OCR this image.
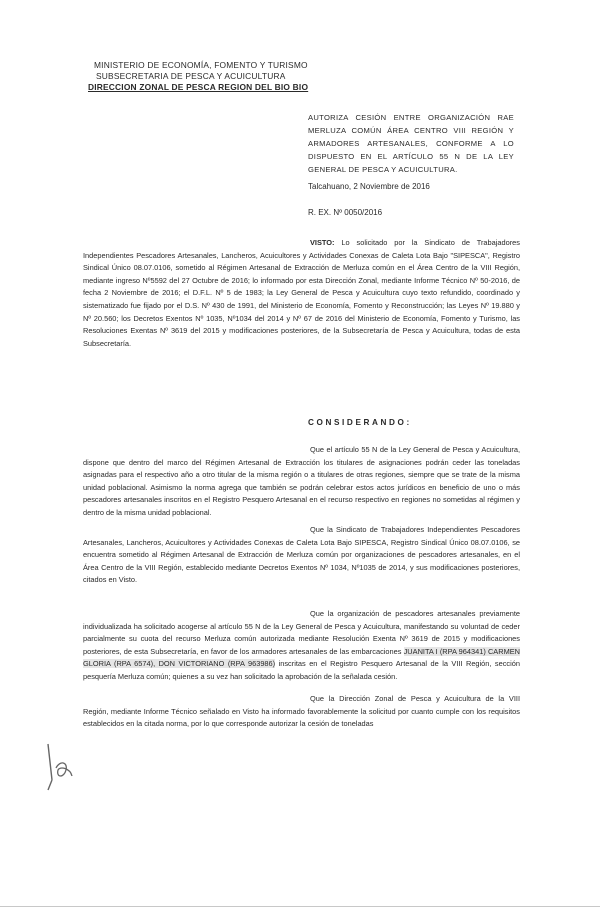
MINISTERIO DE ECONOMÍA, FOMENTO Y TURISMO
SUBSECRETARIA DE PESCA Y ACUICULTURA
DIRECCION ZONAL DE PESCA REGION DEL BIO BIO
AUTORIZA CESIÓN ENTRE ORGANIZACIÓN RAE MERLUZA COMÚN ÁREA CENTRO VIII REGIÓN Y ARMADORES ARTESANALES, CONFORME A LO DISPUESTO EN EL ARTÍCULO 55 N DE LA LEY GENERAL DE PESCA Y ACUICULTURA.
Talcahuano, 2 Noviembre de 2016
R. EX. Nº 0050/2016
VISTO: Lo solicitado por la Sindicato de Trabajadores Independientes Pescadores Artesanales, Lancheros, Acuicultores y Actividades Conexas de Caleta Lota Bajo "SIPESCA", Registro Sindical Único 08.07.0106, sometido al Régimen Artesanal de Extracción de Merluza común en el Área Centro de la VIII Región, mediante ingreso Nº5592 del 27 Octubre de 2016; lo informado por esta Dirección Zonal, mediante Informe Técnico Nº 50-2016, de fecha 2 Noviembre de 2016; el D.F.L. Nº 5 de 1983; la Ley General de Pesca y Acuicultura cuyo texto refundido, coordinado y sistematizado fue fijado por el D.S. Nº 430 de 1991, del Ministerio de Economía, Fomento y Reconstrucción; las Leyes Nº 19.880 y Nº 20.560; los Decretos Exentos Nº 1035, Nº1034 del 2014 y Nº 67 de 2016 del Ministerio de Economía, Fomento y Turismo, las Resoluciones Exentas Nº 3619 del 2015 y modificaciones posteriores, de la Subsecretaría de Pesca y Acuicultura, todas de esta Subsecretaría.
CONSIDERANDO:
Que el artículo 55 N de la Ley General de Pesca y Acuicultura, dispone que dentro del marco del Régimen Artesanal de Extracción los titulares de asignaciones podrán ceder las toneladas asignadas para el respectivo año a otro titular de la misma región o a titulares de otras regiones, siempre que se trate de la misma unidad poblacional. Asimismo la norma agrega que también se podrán celebrar estos actos jurídicos en beneficio de uno o más pescadores artesanales inscritos en el Registro Pesquero Artesanal en el recurso respectivo en regiones no sometidas al régimen y dentro de la misma unidad poblacional.
Que la Sindicato de Trabajadores Independientes Pescadores Artesanales, Lancheros, Acuicultores y Actividades Conexas de Caleta Lota Bajo SIPESCA, Registro Sindical Único 08.07.0106, se encuentra sometido al Régimen Artesanal de Extracción de Merluza común por organizaciones de pescadores artesanales, en el Área Centro de la VIII Región, establecido mediante Decretos Exentos Nº 1034, Nº1035 de 2014, y sus modificaciones posteriores, citados en Visto.
Que la organización de pescadores artesanales previamente individualizada ha solicitado acogerse al artículo 55 N de la Ley General de Pesca y Acuicultura, manifestando su voluntad de ceder parcialmente su cuota del recurso Merluza común autorizada mediante Resolución Exenta Nº 3619 de 2015 y modificaciones posteriores, de esta Subsecretaría, en favor de los armadores artesanales de las embarcaciones JUANITA I (RPA 964341) CARMEN GLORIA (RPA 6574), DON VICTORIANO (RPA 963986) inscritas en el Registro Pesquero Artesanal de la VIII Región, sección pesquería Merluza común; quienes a su vez han solicitado la aprobación de la señalada cesión.
Que la Dirección Zonal de Pesca y Acuicultura de la VIII Región, mediante Informe Técnico señalado en Visto ha informado favorablemente la solicitud por cuanto cumple con los requisitos establecidos en la citada norma, por lo que corresponde autorizar la cesión de toneladas
